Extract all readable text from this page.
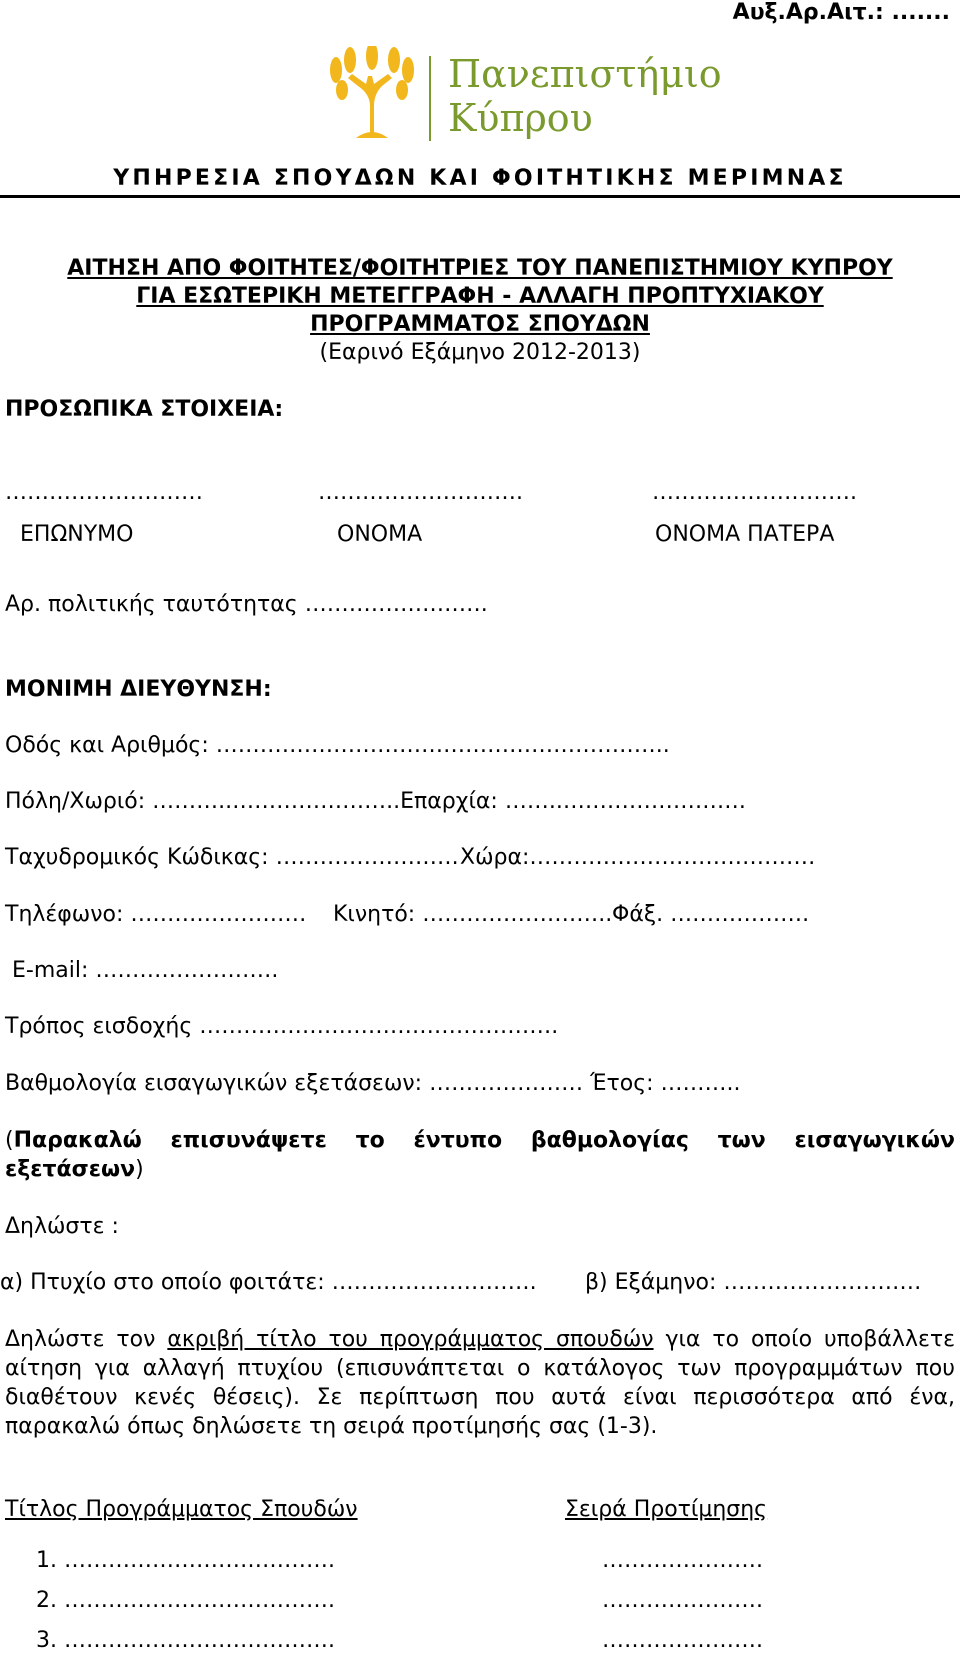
Αυξ.Αρ.Αιτ.: .......
Πανεπιστήμιο
Κύπρου
ΥΠΗΡΕΣΙΑ ΣΠΟΥΔΩΝ ΚΑΙ ΦΟΙΤΗΤΙΚΗΣ ΜΕΡΙΜΝΑΣ
ΑΙΤΗΣΗ ΑΠΟ ΦΟΙΤΗΤΕΣ/ΦΟΙΤΗΤΡΙΕΣ ΤΟΥ ΠΑΝΕΠΙΣΤΗΜΙΟΥ ΚΥΠΡΟΥ
ΓΙΑ ΕΣΩΤΕΡΙΚΗ ΜΕΤΕΓΓΡΑΦΗ - ΑΛΛΑΓΗ ΠΡΟΠΤΥΧΙΑΚΟΥ
ΠΡΟΓΡΑΜΜΑΤΟΣ ΣΠΟΥΔΩΝ
(Εαρινό Εξάμηνο 2012-2013)
ΠΡΟΣΩΠΙΚΑ ΣΤΟΙΧΕΙΑ:
………………………	……………………….	……………………….
ΕΠΩΝΥΜΟ	ΟΝΟΜΑ	ΟΝΟΜΑ ΠΑΤΕΡΑ
Αρ. πολιτικής ταυτότητας …………………….
ΜΟΝΙΜΗ ΔΙΕΥΘΥΝΣΗ:
Οδός και Αριθμός: ……………………………………………………..
Πόλη/Χωριό: ………..…………………..Επαρχία: ……..…………………….
Ταχυδρομικός Κώδικας: ……………………. Χώρα:…………………………………
Τηλέφωνο: …………………… Κινητό: …………………….. Φάξ. ……………….
E-mail: …………………….
Τρόπος εισδοχής ………………………………………….
Βαθμολογία εισαγωγικών εξετάσεων: ………………… Έτος: ………..
(Παρακαλώ επισυνάψετε το έντυπο βαθμολογίας των εισαγωγικών
εξετάσεων)
Δηλώστε :
α) Πτυχίο στο οποίο φοιτάτε: ………………………. β) Εξάμηνο: ………………………
Δηλώστε τον ακριβή τίτλο του προγράμματος σπουδών για το οποίο υποβάλλετε
αίτηση για αλλαγή πτυχίου (επισυνάπτεται ο κατάλογος των προγραμμάτων που
διαθέτουν κενές θέσεις). Σε περίπτωση που αυτά είναι περισσότερα από ένα,
παρακαλώ όπως δηλώσετε τη σειρά προτίμησής σας (1-3).
Τίτλος Προγράμματος Σπουδών	Σειρά Προτίμησης
1. ……………………………….	………………….
2. ……………………………….	………………….
3. ……………………………….	………………….
